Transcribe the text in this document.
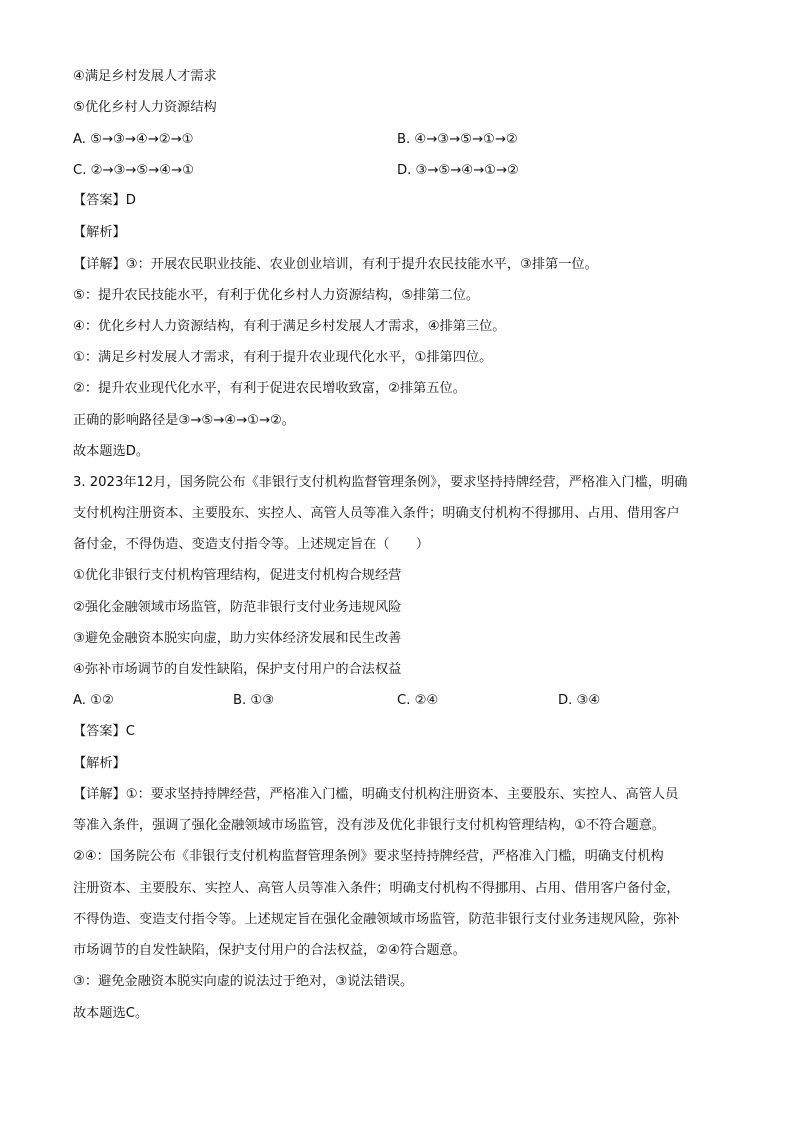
④满足乡村发展人才需求
⑤优化乡村人力资源结构
A. ⑤→③→④→②→①	B. ④→③→⑤→①→②
C. ②→③→⑤→④→①	D. ③→⑤→④→①→②
【答案】D
【解析】
【详解】③：开展农民职业技能、农业创业培训，有利于提升农民技能水平，③排第一位。
⑤：提升农民技能水平，有利于优化乡村人力资源结构，⑤排第二位。
④：优化乡村人力资源结构，有利于满足乡村发展人才需求，④排第三位。
①：满足乡村发展人才需求，有利于提升农业现代化水平，①排第四位。
②：提升农业现代化水平，有利于促进农民增收致富，②排第五位。
正确的影响路径是③→⑤→④→①→②。
故本题选D。
3. 2023年12月，国务院公布《非银行支付机构监督管理条例》，要求坚持持牌经营，严格准入门槛，明确
支付机构注册资本、主要股东、实控人、高管人员等准入条件；明确支付机构不得挪用、占用、借用客户
备付金，不得伪造、变造支付指令等。上述规定旨在（　　）
①优化非银行支付机构管理结构，促进支付机构合规经营
②强化金融领域市场监管，防范非银行支付业务违规风险
③避免金融资本脱实向虚，助力实体经济发展和民生改善
④弥补市场调节的自发性缺陷，保护支付用户的合法权益
A. ①②	B. ①③	C. ②④	D. ③④
【答案】C
【解析】
【详解】①：要求坚持持牌经营，严格准入门槛，明确支付机构注册资本、主要股东、实控人、高管人员
等准入条件，强调了强化金融领域市场监管，没有涉及优化非银行支付机构管理结构，①不符合题意。
②④：国务院公布《非银行支付机构监督管理条例》要求坚持持牌经营，严格准入门槛，明确支付机构
注册资本、主要股东、实控人、高管人员等准入条件；明确支付机构不得挪用、占用、借用客户备付金，
不得伪造、变造支付指令等。上述规定旨在强化金融领域市场监管，防范非银行支付业务违规风险，弥补
市场调节的自发性缺陷，保护支付用户的合法权益，②④符合题意。
③：避免金融资本脱实向虚的说法过于绝对，③说法错误。
故本题选C。
